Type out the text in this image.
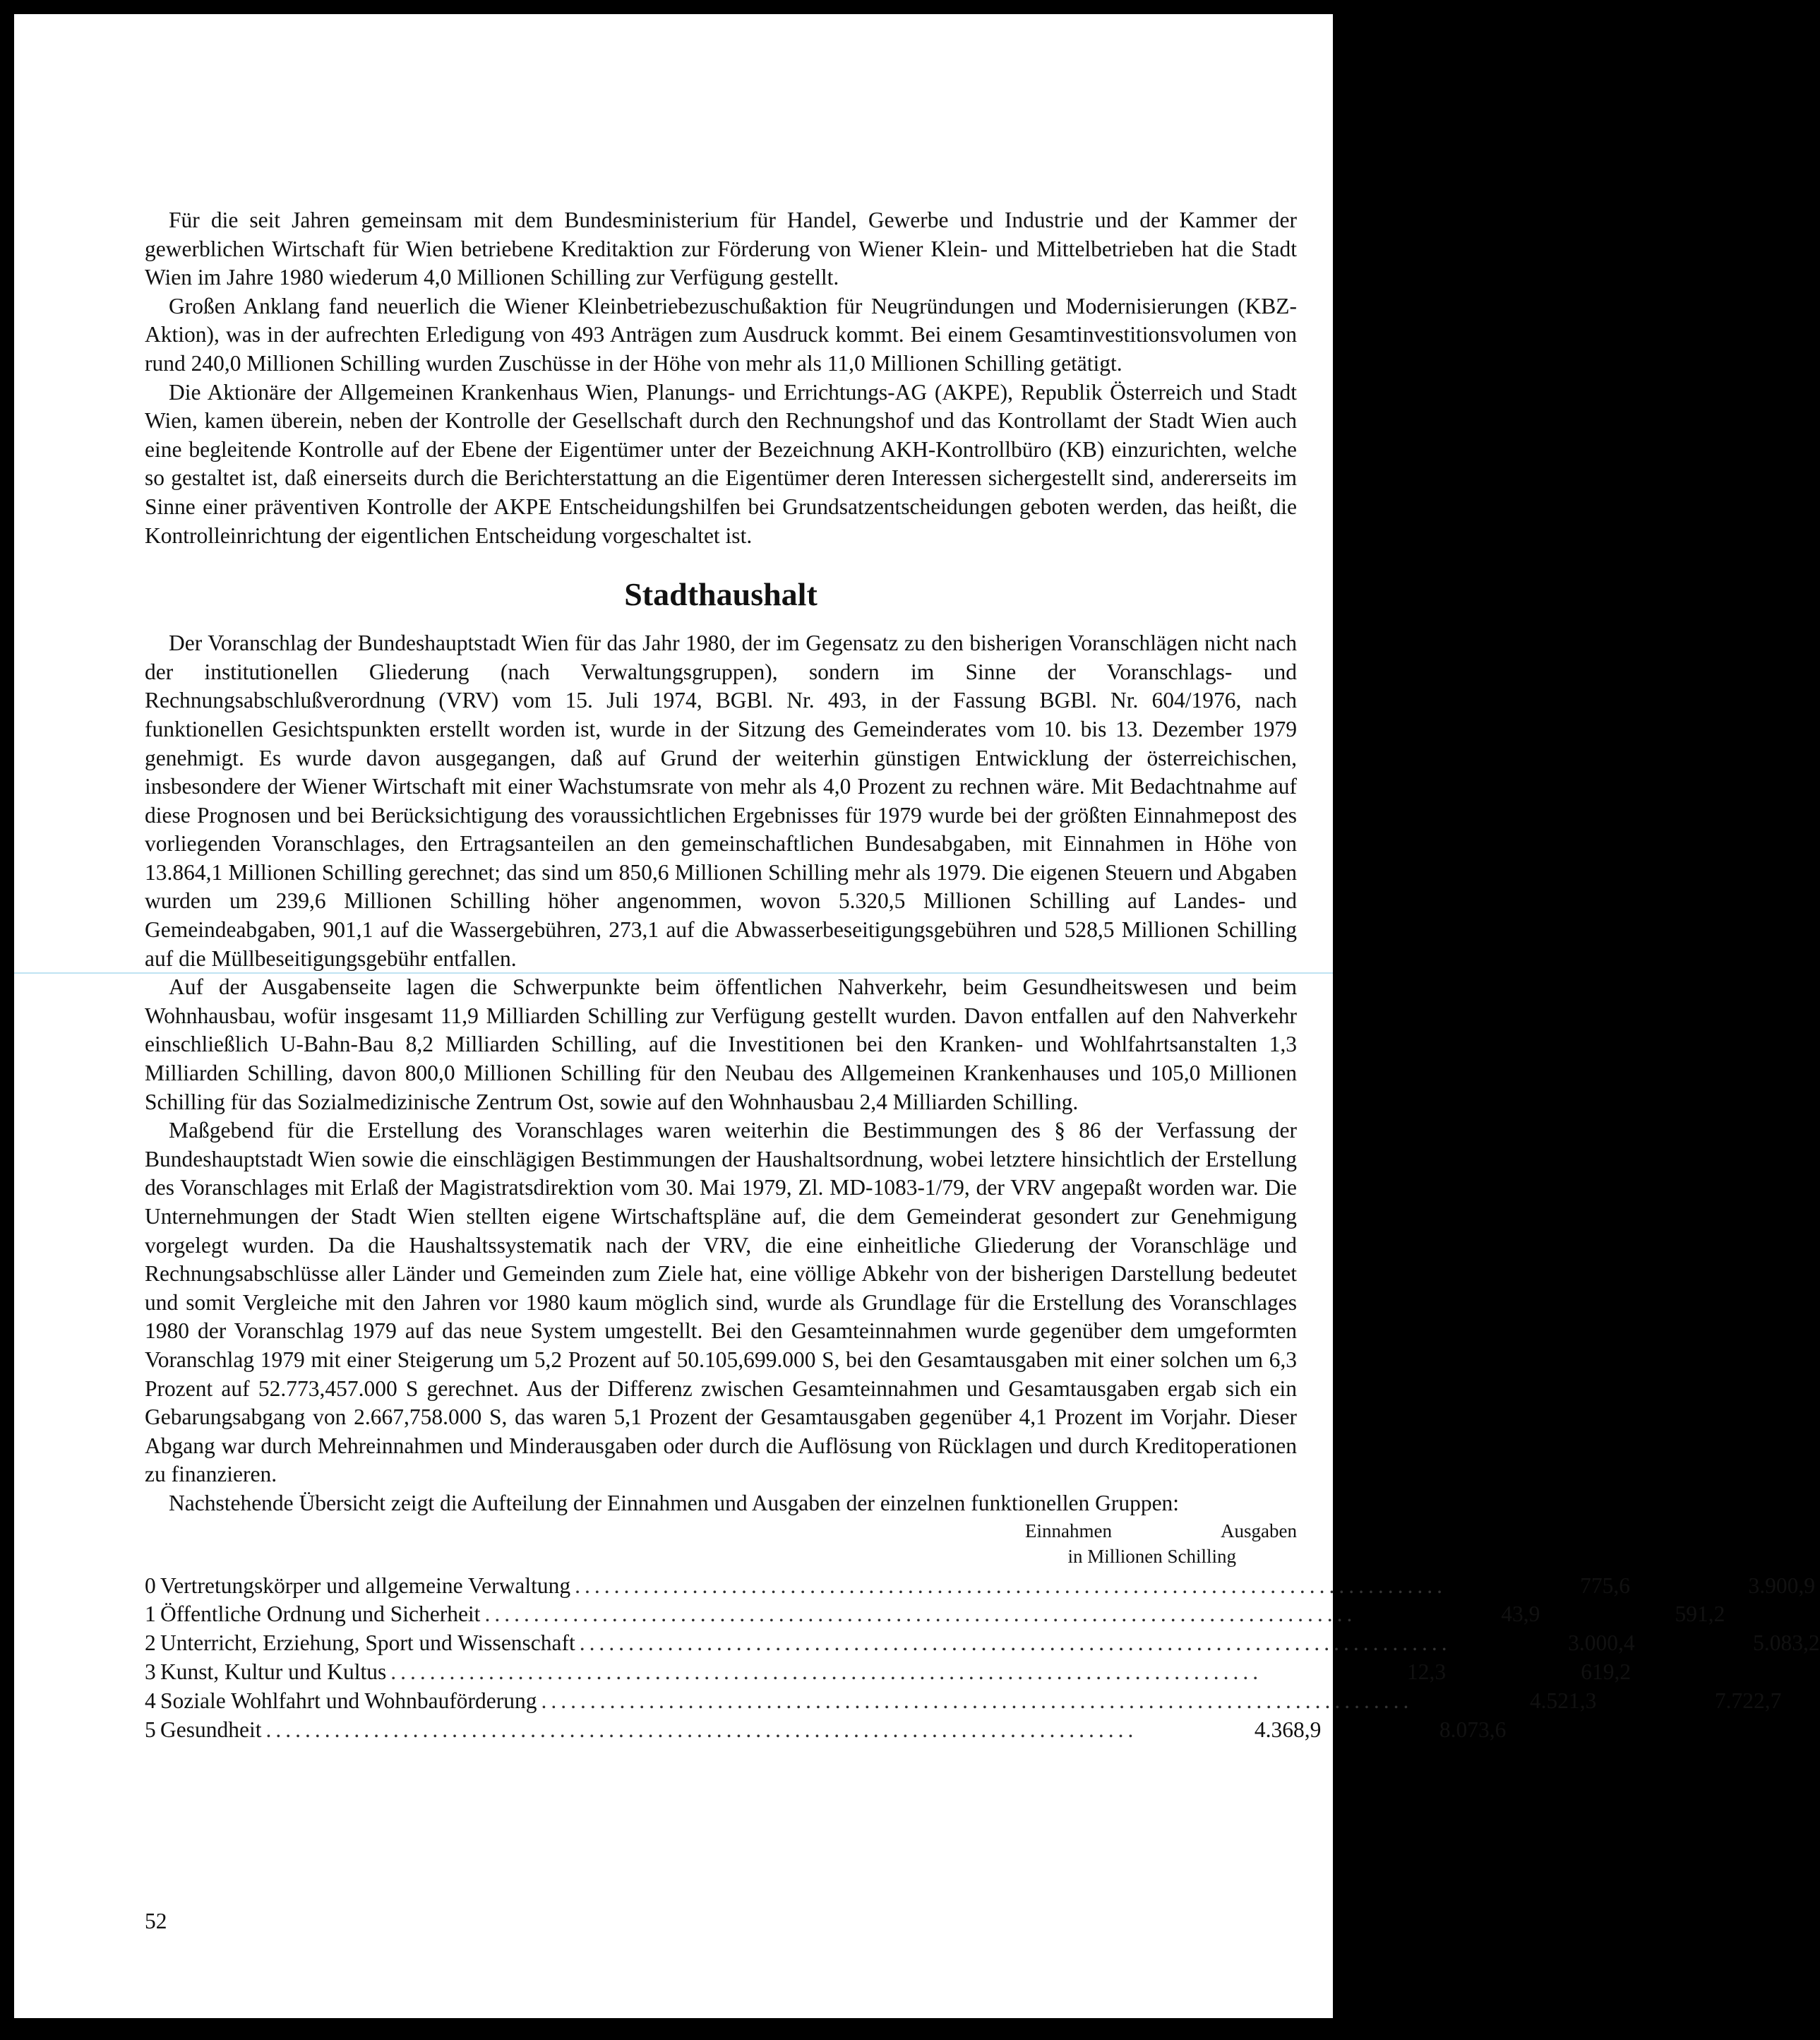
Für die seit Jahren gemeinsam mit dem Bundesministerium für Handel, Gewerbe und Industrie und der Kammer der gewerblichen Wirtschaft für Wien betriebene Kreditaktion zur Förderung von Wiener Klein- und Mittelbetrieben hat die Stadt Wien im Jahre 1980 wiederum 4,0 Millionen Schilling zur Verfügung gestellt.

Großen Anklang fand neuerlich die Wiener Kleinbetriebezuschußaktion für Neugründungen und Modernisierungen (KBZ-Aktion), was in der aufrechten Erledigung von 493 Anträgen zum Ausdruck kommt. Bei einem Gesamtinvestitionsvolumen von rund 240,0 Millionen Schilling wurden Zuschüsse in der Höhe von mehr als 11,0 Millionen Schilling getätigt.

Die Aktionäre der Allgemeinen Krankenhaus Wien, Planungs- und Errichtungs-AG (AKPE), Republik Österreich und Stadt Wien, kamen überein, neben der Kontrolle der Gesellschaft durch den Rechnungshof und das Kontrollamt der Stadt Wien auch eine begleitende Kontrolle auf der Ebene der Eigentümer unter der Bezeichnung AKH-Kontrollbüro (KB) einzurichten, welche so gestaltet ist, daß einerseits durch die Berichterstattung an die Eigentümer deren Interessen sichergestellt sind, andererseits im Sinne einer präventiven Kontrolle der AKPE Entscheidungshilfen bei Grundsatzentscheidungen geboten werden, das heißt, die Kontrolleinrichtung der eigentlichen Entscheidung vorgeschaltet ist.

Stadthaushalt

Der Voranschlag der Bundeshauptstadt Wien für das Jahr 1980, der im Gegensatz zu den bisherigen Voranschlägen nicht nach der institutionellen Gliederung (nach Verwaltungsgruppen), sondern im Sinne der Voranschlags- und Rechnungsabschlußverordnung (VRV) vom 15. Juli 1974, BGBl. Nr. 493, in der Fassung BGBl. Nr. 604/1976, nach funktionellen Gesichtspunkten erstellt worden ist, wurde in der Sitzung des Gemeinderates vom 10. bis 13. Dezember 1979 genehmigt. Es wurde davon ausgegangen, daß auf Grund der weiterhin günstigen Entwicklung der österreichischen, insbesondere der Wiener Wirtschaft mit einer Wachstumsrate von mehr als 4,0 Prozent zu rechnen wäre. Mit Bedachtnahme auf diese Prognosen und bei Berücksichtigung des voraussichtlichen Ergebnisses für 1979 wurde bei der größten Einnahmepost des vorliegenden Voranschlages, den Ertragsanteilen an den gemeinschaftlichen Bundesabgaben, mit Einnahmen in Höhe von 13.864,1 Millionen Schilling gerechnet; das sind um 850,6 Millionen Schilling mehr als 1979. Die eigenen Steuern und Abgaben wurden um 239,6 Millionen Schilling höher angenommen, wovon 5.320,5 Millionen Schilling auf Landes- und Gemeindeabgaben, 901,1 auf die Wassergebühren, 273,1 auf die Abwasserbeseitigungsgebühren und 528,5 Millionen Schilling auf die Müllbeseitigungsgebühr entfallen.

Auf der Ausgabenseite lagen die Schwerpunkte beim öffentlichen Nahverkehr, beim Gesundheitswesen und beim Wohnhausbau, wofür insgesamt 11,9 Milliarden Schilling zur Verfügung gestellt wurden. Davon entfallen auf den Nahverkehr einschließlich U-Bahn-Bau 8,2 Milliarden Schilling, auf die Investitionen bei den Kranken- und Wohlfahrtsanstalten 1,3 Milliarden Schilling, davon 800,0 Millionen Schilling für den Neubau des Allgemeinen Krankenhauses und 105,0 Millionen Schilling für das Sozialmedizinische Zentrum Ost, sowie auf den Wohnhausbau 2,4 Milliarden Schilling.

Maßgebend für die Erstellung des Voranschlages waren weiterhin die Bestimmungen des § 86 der Verfassung der Bundeshauptstadt Wien sowie die einschlägigen Bestimmungen der Haushaltsordnung, wobei letztere hinsichtlich der Erstellung des Voranschlages mit Erlaß der Magistratsdirektion vom 30. Mai 1979, Zl. MD-1083-1/79, der VRV angepaßt worden war. Die Unternehmungen der Stadt Wien stellten eigene Wirtschaftspläne auf, die dem Gemeinderat gesondert zur Genehmigung vorgelegt wurden. Da die Haushaltssystematik nach der VRV, die eine einheitliche Gliederung der Voranschläge und Rechnungsabschlüsse aller Länder und Gemeinden zum Ziele hat, eine völlige Abkehr von der bisherigen Darstellung bedeutet und somit Vergleiche mit den Jahren vor 1980 kaum möglich sind, wurde als Grundlage für die Erstellung des Voranschlages 1980 der Voranschlag 1979 auf das neue System umgestellt. Bei den Gesamteinnahmen wurde gegenüber dem umgeformten Voranschlag 1979 mit einer Steigerung um 5,2 Prozent auf 50.105,699.000 S, bei den Gesamtausgaben mit einer solchen um 6,3 Prozent auf 52.773,457.000 S gerechnet. Aus der Differenz zwischen Gesamteinnahmen und Gesamtausgaben ergab sich ein Gebarungsabgang von 2.667,758.000 S, das waren 5,1 Prozent der Gesamtausgaben gegenüber 4,1 Prozent im Vorjahr. Dieser Abgang war durch Mehreinnahmen und Minderausgaben oder durch die Auflösung von Rücklagen und durch Kreditoperationen zu finanzieren.

Nachstehende Übersicht zeigt die Aufteilung der Einnahmen und Ausgaben der einzelnen funktionellen Gruppen:

Einnahmen	Ausgaben
in Millionen Schilling
0 Vertretungskörper und allgemeine Verwaltung .........................................................................................	775,6	3.900,9
1 Öffentliche Ordnung und Sicherheit .........................................................................................	43,9	591,2
2 Unterricht, Erziehung, Sport und Wissenschaft .........................................................................................	3.000,4	5.083,2
3 Kunst, Kultur und Kultus .........................................................................................	12,3	619,2
4 Soziale Wohlfahrt und Wohnbauförderung .........................................................................................	4.521,3	7.722,7
5 Gesundheit .........................................................................................	4.368,9	8.073,6
52
